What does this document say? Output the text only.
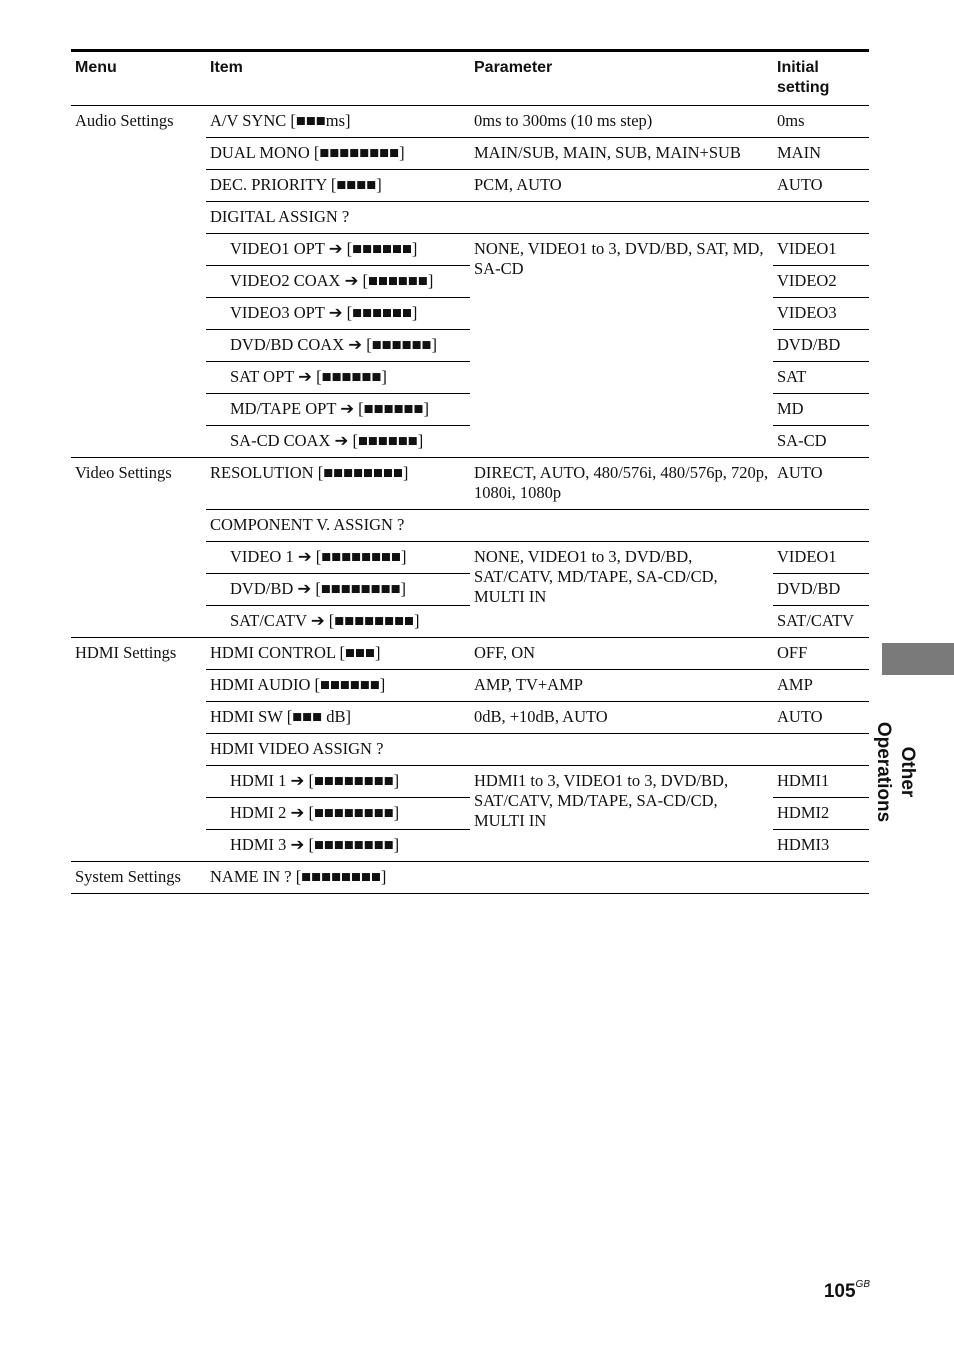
Menu	Item	Parameter	Initial setting
Audio Settings	A/V SYNC [■■■ms]	0ms to 300ms (10 ms step)	0ms
	DUAL MONO [■■■■■■■■]	MAIN/SUB, MAIN, SUB, MAIN+SUB	MAIN
	DEC. PRIORITY [■■■■]	PCM, AUTO	AUTO
	DIGITAL ASSIGN ?		
	VIDEO1 OPT ➔ [■■■■■■]	NONE, VIDEO1 to 3, DVD/BD, SAT, MD, SA-CD	VIDEO1
	VIDEO2 COAX ➔ [■■■■■■]		VIDEO2
	VIDEO3 OPT ➔ [■■■■■■]		VIDEO3
	DVD/BD COAX ➔ [■■■■■■]		DVD/BD
	SAT OPT ➔ [■■■■■■]		SAT
	MD/TAPE OPT ➔ [■■■■■■]		MD
	SA-CD COAX ➔ [■■■■■■]		SA-CD
Video Settings	RESOLUTION [■■■■■■■■]	DIRECT, AUTO, 480/576i, 480/576p, 720p, 1080i, 1080p	AUTO
	COMPONENT V. ASSIGN ?		
	VIDEO 1 ➔ [■■■■■■■■]	NONE, VIDEO1 to 3, DVD/BD, SAT/CATV, MD/TAPE, SA-CD/CD, MULTI IN	VIDEO1
	DVD/BD ➔ [■■■■■■■■]		DVD/BD
	SAT/CATV ➔ [■■■■■■■■]		SAT/CATV
HDMI Settings	HDMI CONTROL [■■■]	OFF, ON	OFF
	HDMI AUDIO [■■■■■■]	AMP, TV+AMP	AMP
	HDMI SW [■■■ dB]	0dB, +10dB, AUTO	AUTO
	HDMI VIDEO ASSIGN ?		
	HDMI 1 ➔ [■■■■■■■■]	HDMI1 to 3, VIDEO1 to 3, DVD/BD, SAT/CATV, MD/TAPE, SA-CD/CD, MULTI IN	HDMI1
	HDMI 2 ➔ [■■■■■■■■]		HDMI2
	HDMI 3 ➔ [■■■■■■■■]		HDMI3
System Settings	NAME IN ? [■■■■■■■■]		
Other Operations
$105^{GB}$
